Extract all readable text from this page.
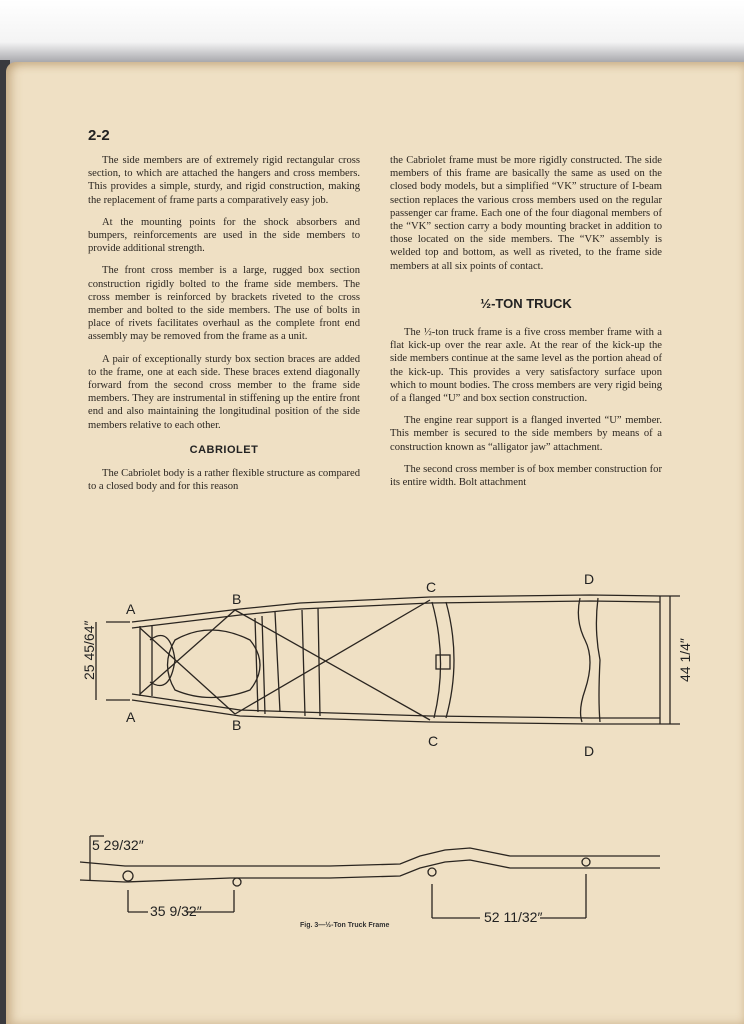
2-2

The side members are of extremely rigid rectangular cross section, to which are attached the hangers and cross members. This provides a simple, sturdy, and rigid construction, making the replacement of frame parts a comparatively easy job.

At the mounting points for the shock absorbers and bumpers, reinforcements are used in the side members to provide additional strength.

The front cross member is a large, rugged box section construction rigidly bolted to the frame side members. The cross member is reinforced by brackets riveted to the cross member and bolted to the side members. The use of bolts in place of rivets facilitates overhaul as the complete front end assembly may be removed from the frame as a unit.

A pair of exceptionally sturdy box section braces are added to the frame, one at each side. These braces extend diagonally forward from the second cross member to the frame side members. They are instrumental in stiffening up the entire front end and also maintaining the longitudinal position of the side members relative to each other.

CABRIOLET

The Cabriolet body is a rather flexible structure as compared to a closed body and for this reason

the Cabriolet frame must be more rigidly constructed. The side members of this frame are basically the same as used on the closed body models, but a simplified “VK” structure of I-beam section replaces the various cross members used on the regular passenger car frame. Each one of the four diagonal members of the “VK” section carry a body mounting bracket in addition to those located on the side members. The “VK” assembly is welded top and bottom, as well as riveted, to the frame side members at all six points of contact.

½-TON TRUCK

The ½-ton truck frame is a five cross member frame with a flat kick-up over the rear axle. At the rear of the kick-up the side members continue at the same level as the portion ahead of the kick-up. This provides a very satisfactory surface upon which to mount bodies. The cross members are very rigid being of a flanged “U” and box section construction.

The engine rear support is a flanged inverted “U” member. This member is secured to the side members by means of a construction known as “alligator jaw” attachment.

The second cross member is of box member construction for its entire width. Bolt attachment

A
A
B
B
C
C
D
D
25 45/64″	44 1/4″
5 29/32″
35 9/32″	52 11/32″
Fig. 3—½-Ton Truck Frame
